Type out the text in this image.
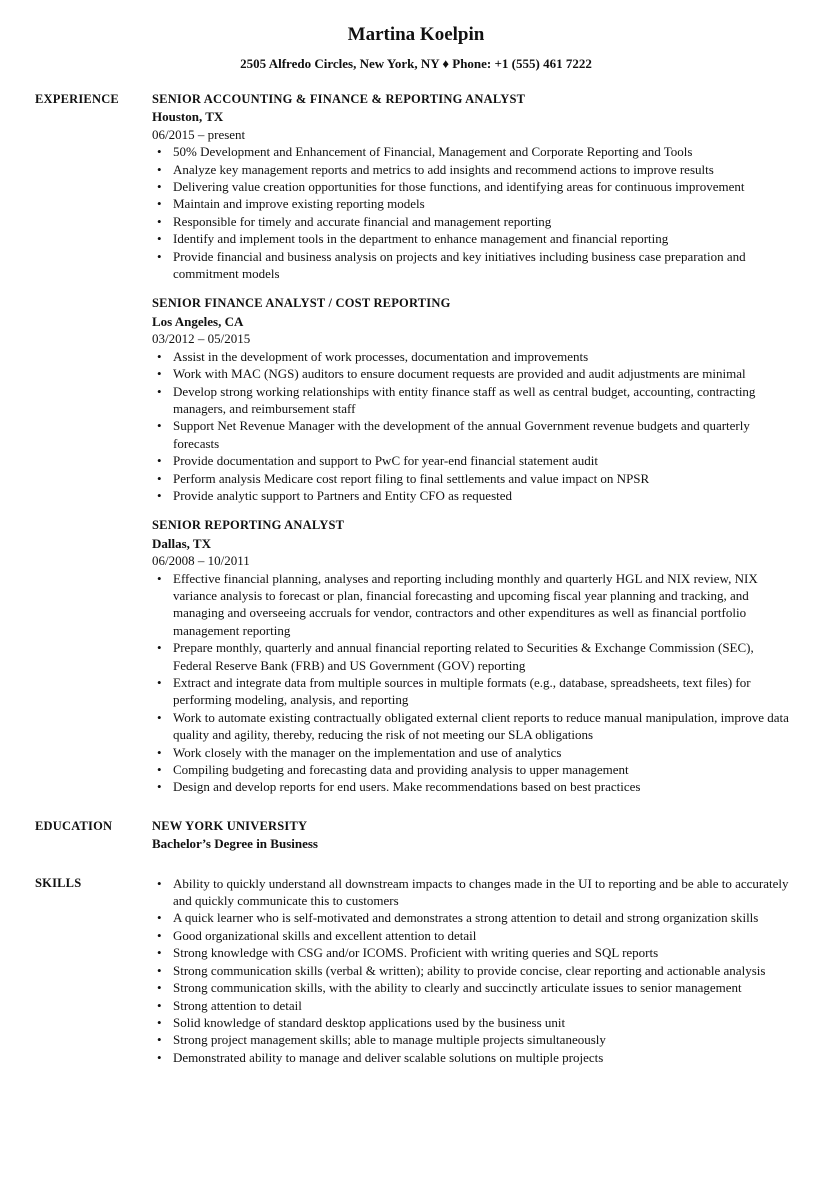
Martina Koelpin
2505 Alfredo Circles, New York, NY ♦ Phone: +1 (555) 461 7222
EXPERIENCE	SENIOR ACCOUNTING & FINANCE & REPORTING ANALYST
Houston, TX
06/2015 – present
• 50% Development and Enhancement of Financial, Management and Corporate Reporting and Tools
• Analyze key management reports and metrics to add insights and recommend actions to improve results
• Delivering value creation opportunities for those functions, and identifying areas for continuous improvement
• Maintain and improve existing reporting models
• Responsible for timely and accurate financial and management reporting
• Identify and implement tools in the department to enhance management and financial reporting
• Provide financial and business analysis on projects and key initiatives including business case preparation and commitment models
SENIOR FINANCE ANALYST / COST REPORTING
Los Angeles, CA
03/2012 – 05/2015
• Assist in the development of work processes, documentation and improvements
• Work with MAC (NGS) auditors to ensure document requests are provided and audit adjustments are minimal
• Develop strong working relationships with entity finance staff as well as central budget, accounting, contracting managers, and reimbursement staff
• Support Net Revenue Manager with the development of the annual Government revenue budgets and quarterly forecasts
• Provide documentation and support to PwC for year-end financial statement audit
• Perform analysis Medicare cost report filing to final settlements and value impact on NPSR
• Provide analytic support to Partners and Entity CFO as requested
SENIOR REPORTING ANALYST
Dallas, TX
06/2008 – 10/2011
• Effective financial planning, analyses and reporting including monthly and quarterly HGL and NIX review, NIX variance analysis to forecast or plan, financial forecasting and upcoming fiscal year planning and tracking, and managing and overseeing accruals for vendor, contractors and other expenditures as well as financial portfolio management reporting
• Prepare monthly, quarterly and annual financial reporting related to Securities & Exchange Commission (SEC), Federal Reserve Bank (FRB) and US Government (GOV) reporting
• Extract and integrate data from multiple sources in multiple formats (e.g., database, spreadsheets, text files) for performing modeling, analysis, and reporting
• Work to automate existing contractually obligated external client reports to reduce manual manipulation, improve data quality and agility, thereby, reducing the risk of not meeting our SLA obligations
• Work closely with the manager on the implementation and use of analytics
• Compiling budgeting and forecasting data and providing analysis to upper management
• Design and develop reports for end users. Make recommendations based on best practices
EDUCATION	NEW YORK UNIVERSITY
Bachelor’s Degree in Business
SKILLS
•	Ability to quickly understand all downstream impacts to changes made in the UI to reporting and be able to accurately and quickly communicate this to customers
• A quick learner who is self-motivated and demonstrates a strong attention to detail and strong organization skills
• Good organizational skills and excellent attention to detail
• Strong knowledge with CSG and/or ICOMS. Proficient with writing queries and SQL reports
• Strong communication skills (verbal & written); ability to provide concise, clear reporting and actionable analysis
• Strong communication skills, with the ability to clearly and succinctly articulate issues to senior management
• Strong attention to detail
• Solid knowledge of standard desktop applications used by the business unit
• Strong project management skills; able to manage multiple projects simultaneously
• Demonstrated ability to manage and deliver scalable solutions on multiple projects
